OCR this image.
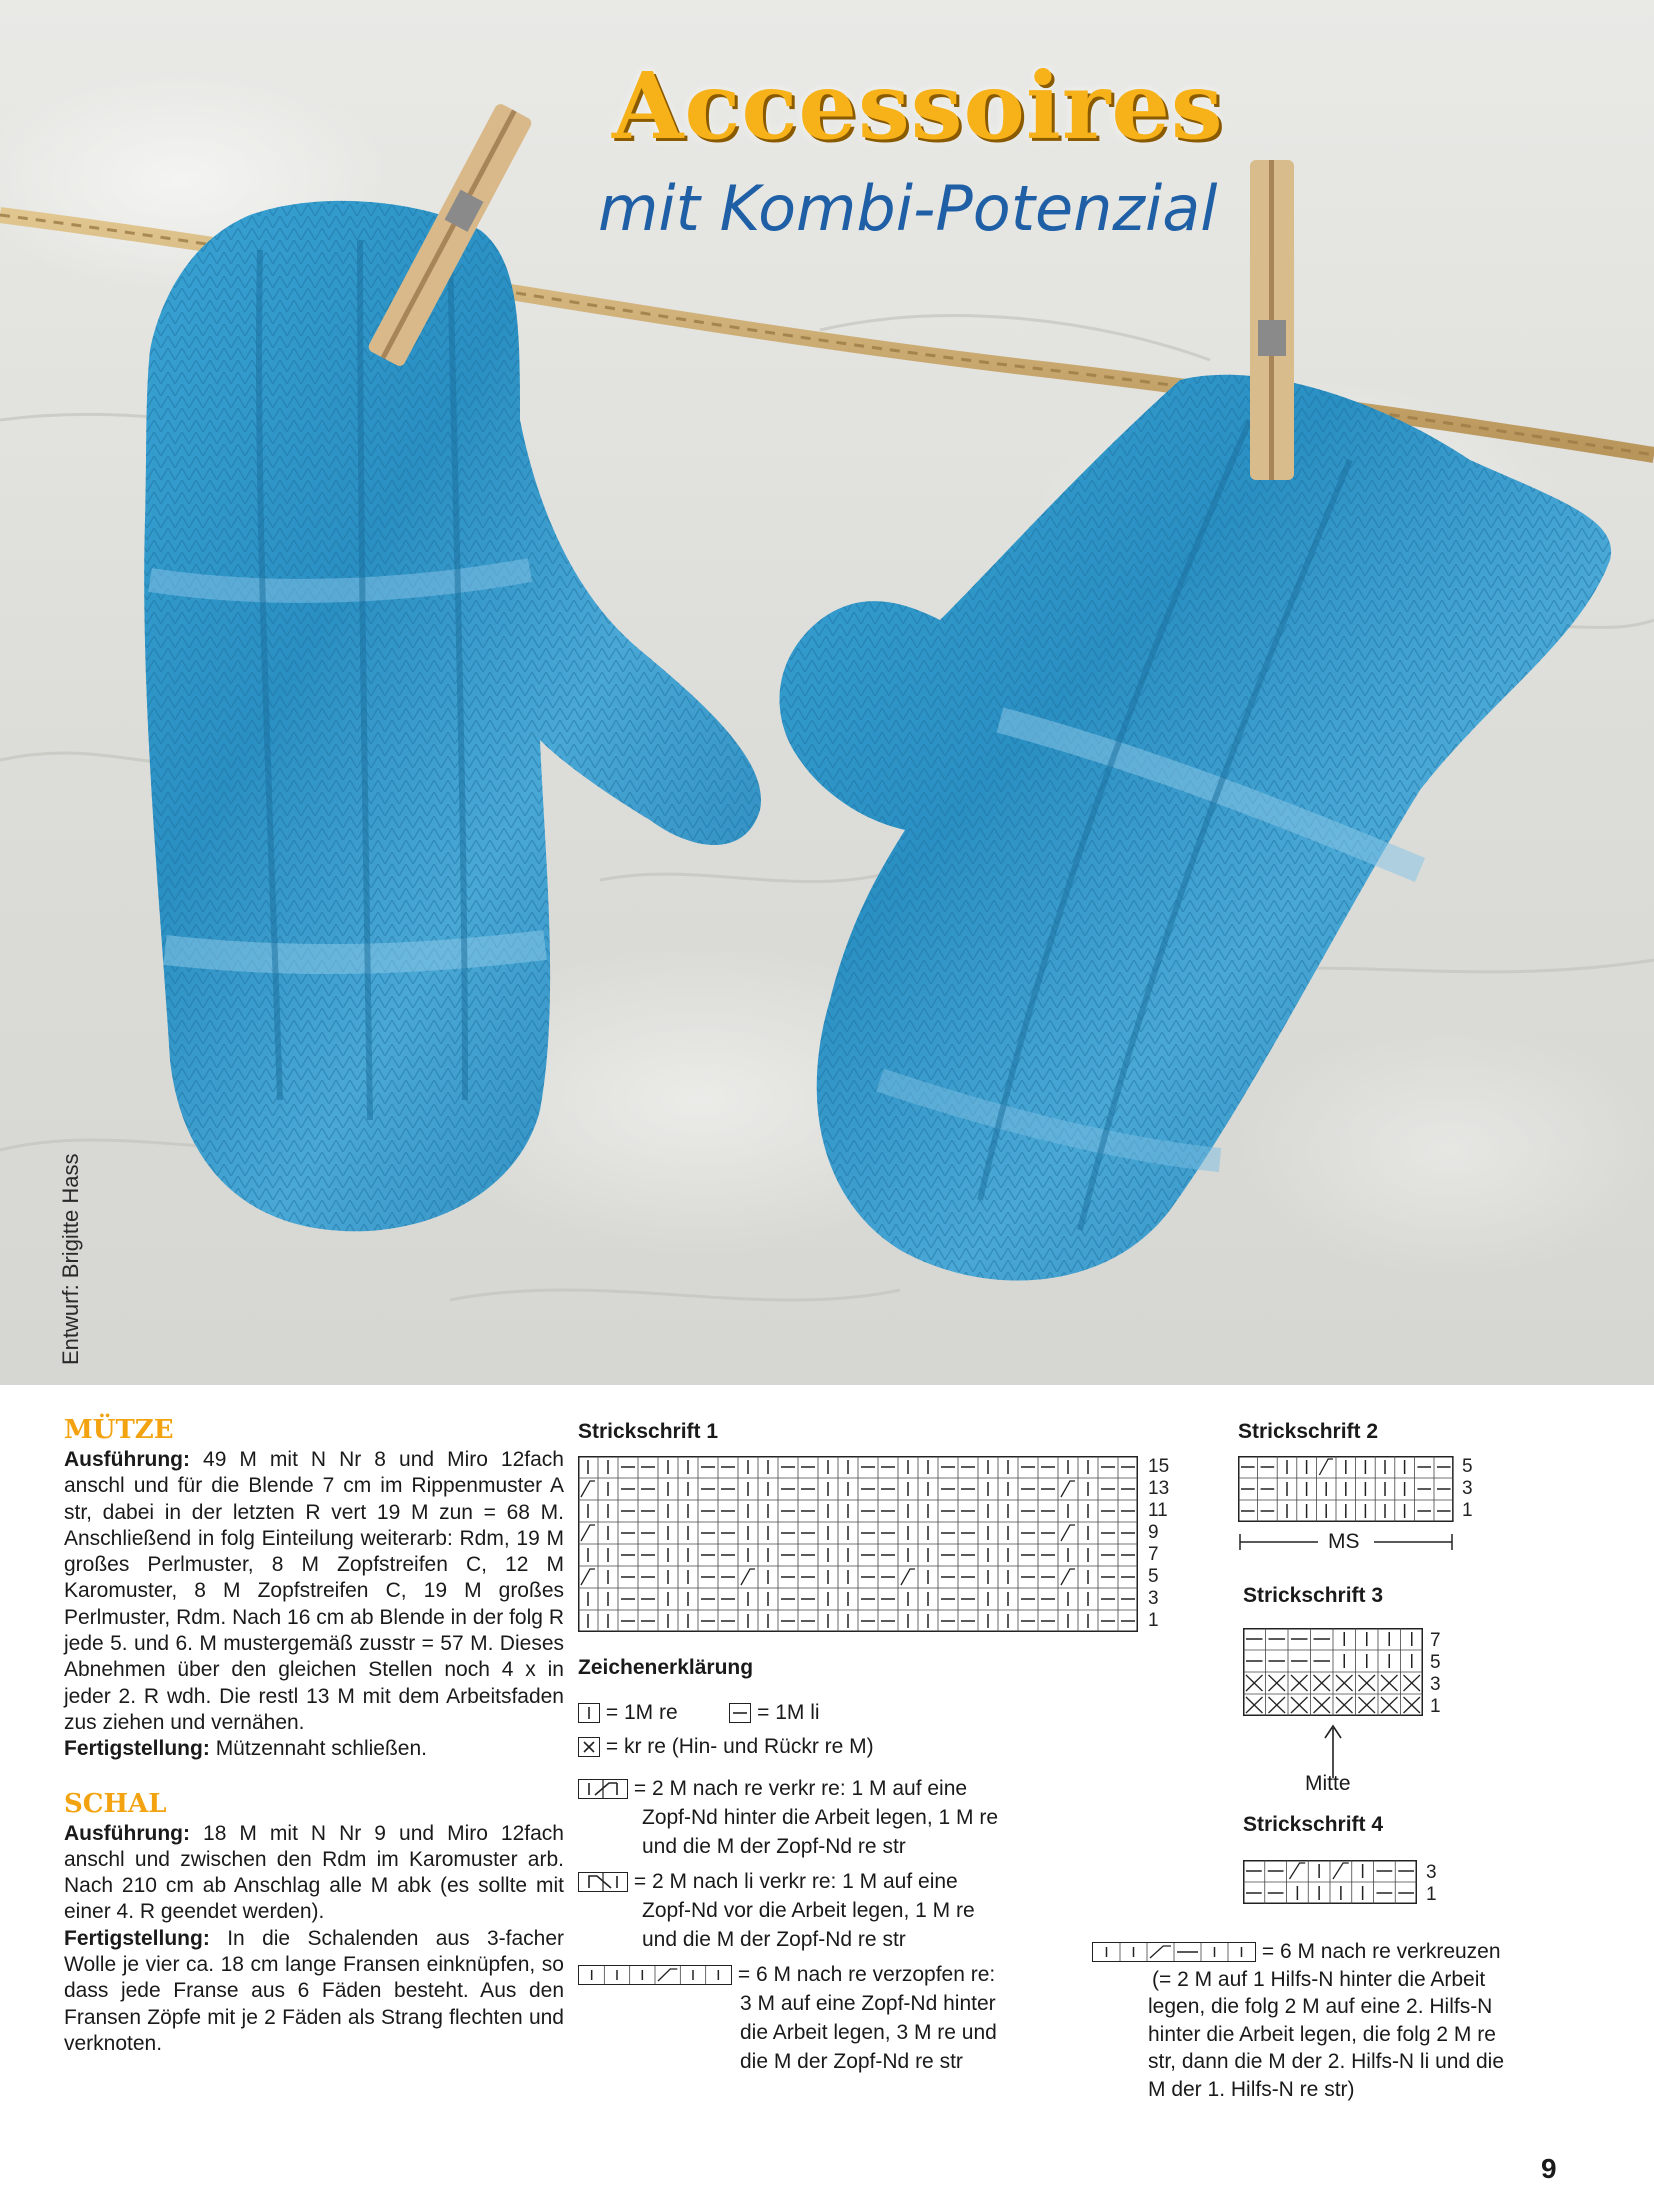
Accessoires
mit Kombi-Potenzial
Entwurf: Brigitte Hass
MÜTZE

Ausführung: 49 M mit N Nr 8 und Miro 12fach anschl und für die Blende 7 cm im Rippenmuster A str, dabei in der letzten R vert 19 M zun = 68 M. Anschließend in folg Einteilung weiterarb: Rdm, 19 M großes Perlmuster, 8 M Zopfstreifen C, 12 M Karomuster, 8 M Zopfstreifen C, 19 M großes Perlmuster, Rdm. Nach 16 cm ab Blende in der folg R jede 5. und 6. M mustergemäß zusstr = 57 M. Dieses Abnehmen über den gleichen Stellen noch 4 x in jeder 2. R wdh. Die restl 13 M mit dem Arbeitsfaden zus ziehen und vernähen.

Fertigstellung: Mützennaht schließen.

SCHAL

Ausführung: 18 M mit N Nr 9 und Miro 12fach anschl und zwischen den Rdm im Karomuster arb. Nach 210 cm ab Anschlag alle M abk (es sollte mit einer 4. R geendet werden).

Fertigstellung: In die Schalenden aus 3-facher Wolle je vier ca. 18 cm lange Fransen einknüpfen, so dass jede Franse aus 6 Fäden besteht. Aus den Fransen Zöpfe mit je 2 Fäden als Strang flechten und verknoten.

Strickschrift 1
15
13
11
9
7
5
3
1
Strickschrift 2
5
3
1
MS
Strickschrift 3
7
5
3
1
Mitte
Strickschrift 4
3
1
Zeichenerklärung
= 1M re	= 1M li
= kr re (Hin- und Rückr re M)
= 2 M nach re verkr re: 1 M auf eine
Zopf-Nd hinter die Arbeit legen, 1 M re
und die M der Zopf-Nd re str
= 2 M nach li verkr re: 1 M auf eine
Zopf-Nd vor die Arbeit legen, 1 M re
und die M der Zopf-Nd re str
= 6 M nach re verzopfen re:
3 M auf eine Zopf-Nd hinter
die Arbeit legen, 3 M re und
die M der Zopf-Nd re str
= 6 M nach re verkreuzen
(= 2 M auf 1 Hilfs-N hinter die Arbeit
legen, die folg 2 M auf eine 2. Hilfs-N
hinter die Arbeit legen, die folg 2 M re
str, dann die M der 2. Hilfs-N li und die
M der 1. Hilfs-N re str)
9
